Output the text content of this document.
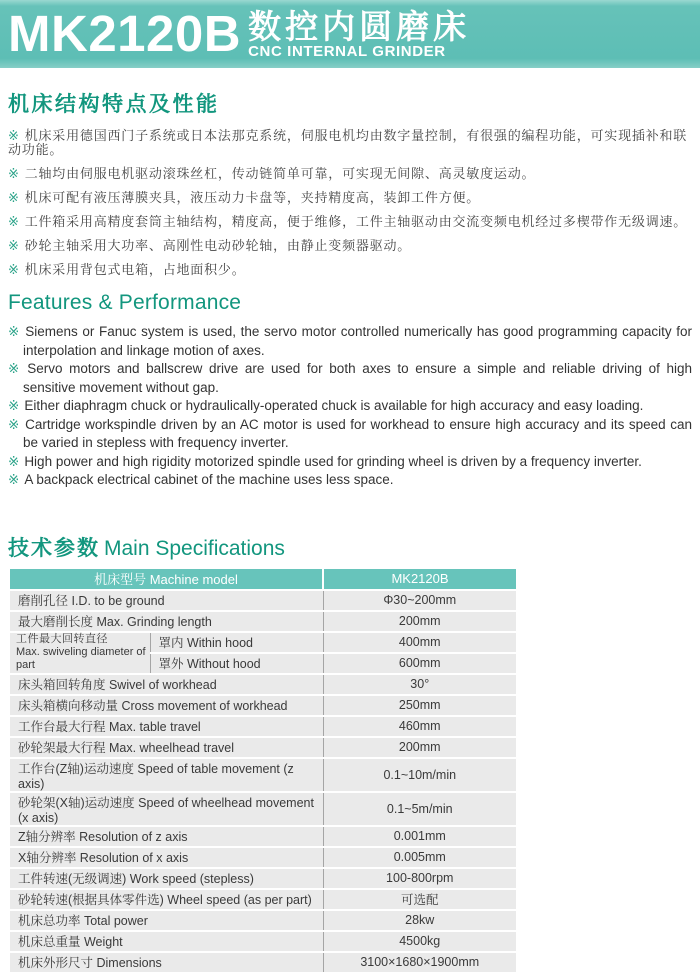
MK2120B 数控内圆磨床
CNC INTERNAL GRINDER
机床结构特点及性能
※ 机床采用德国西门子系统或日本法那克系统，伺服电机均由数字量控制，有很强的编程功能，可实现插补和联动功能。
※ 二轴均由伺服电机驱动滚珠丝杠，传动链简单可靠，可实现无间隙、高灵敏度运动。
※ 机床可配有液压薄膜夹具，液压动力卡盘等，夹持精度高，装卸工件方便。
※ 工件箱采用高精度套筒主轴结构，精度高，便于维修，工件主轴驱动由交流变频电机经过多楔带作无级调速。
※ 砂轮主轴采用大功率、高刚性电动砂轮轴，由静止变频器驱动。
※ 机床采用背包式电箱，占地面积少。
Features & Performance
※ Siemens or Fanuc system is used, the servo motor controlled numerically has good programming capacity for interpolation and linkage motion of axes.
※ Servo motors and ballscrew drive are used for both axes to ensure a simple and reliable driving of high sensitive movement without gap.
※ Either diaphragm chuck or hydraulically-operated chuck is available for high accuracy and easy loading.
※ Cartridge workspindle driven by an AC motor is used for workhead to ensure high accuracy and its speed can be varied in stepless with frequency inverter.
※ High power and high rigidity motorized spindle used for grinding wheel is driven by a frequency inverter.
※ A backpack electrical cabinet of the machine uses less space.
技术参数 Main Specifications
机床型号 Machine model		MK2120B
磨削孔径 I.D. to be ground		Φ30~200mm
最大磨削长度 Max. Grinding length		200mm

工件最大回转直径
Max. swiveling diameter of part	罩内 Within hood	400mm
	罩外 Without hood	600mm
床头箱回转角度 Swivel of workhead		30°
床头箱横向移动量 Cross movement of workhead		250mm
工作台最大行程 Max. table travel		460mm
砂轮架最大行程 Max. wheelhead travel		200mm
工作台(Z轴)运动速度 Speed of table movement (z axis)		0.1~10m/min
砂轮架(X轴)运动速度 Speed of wheelhead movement (x axis)		0.1~5m/min
Z轴分辨率 Resolution of z axis		0.001mm
X轴分辨率 Resolution of x axis		0.005mm
工件转速(无级调速) Work speed (stepless)		100-800rpm
砂轮转速(根据具体零件选) Wheel speed (as per part)		可选配
机床总功率 Total power		28kw
机床总重量 Weight		4500kg
机床外形尺寸 Dimensions		3100×1680×1900mm
